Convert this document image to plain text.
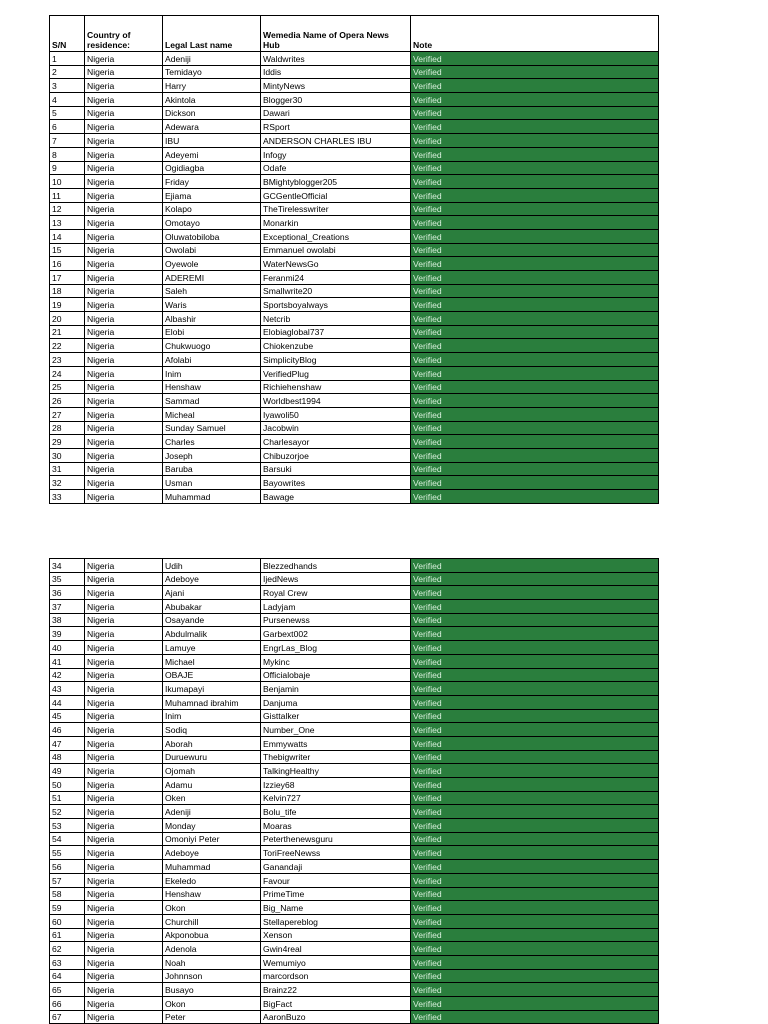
S/N	Country of residence:	Legal Last name	Wemedia Name of Opera News Hub	Note
1	Nigeria	Adeniji	Waldwrites	Verified
2	Nigeria	Temidayo	Iddis	Verified
3	Nigeria	Harry	MintyNews	Verified
4	Nigeria	Akintola	Blogger30	Verified
5	Nigeria	Dickson	Dawari	Verified
6	Nigeria	Adewara	RSport	Verified
7	Nigeria	IBU	ANDERSON CHARLES IBU	Verified
8	Nigeria	Adeyemi	Infogy	Verified
9	Nigeria	Ogidiagba	Odafe	Verified
10	Nigeria	Friday	BMightyblogger205	Verified
11	Nigeria	Ejiama	GCGentleOfficial	Verified
12	Nigeria	Kolapo	TheTirelesswriter	Verified
13	Nigeria	Omotayo	Monarkin	Verified
14	Nigeria	Oluwatobiloba	Exceptional_Creations	Verified
15	Nigeria	Owolabi	Emmanuel owolabi	Verified
16	Nigeria	Oyewole	WaterNewsGo	Verified
17	Nigeria	ADEREMI	Feranmi24	Verified
18	Nigeria	Saleh	Smallwrite20	Verified
19	Nigeria	Waris	Sportsboyalways	Verified
20	Nigeria	Albashir	Netcrib	Verified
21	Nigeria	Elobi	Elobiaglobal737	Verified
22	Nigeria	Chukwuogo	Chiokenzube	Verified
23	Nigeria	Afolabi	SimplicityBlog	Verified
24	Nigeria	Inim	VerifiedPlug	Verified
25	Nigeria	Henshaw	Richiehenshaw	Verified
26	Nigeria	Sammad	Worldbest1994	Verified
27	Nigeria	Micheal	Iyawoli50	Verified
28	Nigeria	Sunday Samuel	Jacobwin	Verified
29	Nigeria	Charles	Charlesayor	Verified
30	Nigeria	Joseph	Chibuzorjoe	Verified
31	Nigeria	Baruba	Barsuki	Verified
32	Nigeria	Usman	Bayowrites	Verified
33	Nigeria	Muhammad	Bawage	Verified
34	Nigeria	Udih	Blezzedhands	Verified
35	Nigeria	Adeboye	IjedNews	Verified
36	Nigeria	Ajani	Royal Crew	Verified
37	Nigeria	Abubakar	Ladyjam	Verified
38	Nigeria	Osayande	Pursenewss	Verified
39	Nigeria	Abdulmalik	Garbext002	Verified
40	Nigeria	Lamuye	EngrLas_Blog	Verified
41	Nigeria	Michael	Mykinc	Verified
42	Nigeria	OBAJE	Officialobaje	Verified
43	Nigeria	Ikumapayi	Benjamin	Verified
44	Nigeria	Muhamnad ibrahim	Danjuma	Verified
45	Nigeria	Inim	Gisttalker	Verified
46	Nigeria	Sodiq	Number_One	Verified
47	Nigeria	Aborah	Emmywatts	Verified
48	Nigeria	Duruewuru	Thebigwriter	Verified
49	Nigeria	Ojomah	TalkingHealthy	Verified
50	Nigeria	Adamu	Izziey68	Verified
51	Nigeria	Oken	Kelvin727	Verified
52	Nigeria	Adeniji	Bolu_tife	Verified
53	Nigeria	Monday	Moaras	Verified
54	Nigeria	Omoniyi Peter	Peterthenewsguru	Verified
55	Nigeria	Adeboye	ToriFreeNewss	Verified
56	Nigeria	Muhammad	Ganandaji	Verified
57	Nigeria	Ekeledo	Favour	Verified
58	Nigeria	Henshaw	PrimeTime	Verified
59	Nigeria	Okon	Big_Name	Verified
60	Nigeria	Churchill	Stellapereblog	Verified
61	Nigeria	Akponobua	Xenson	Verified
62	Nigeria	Adenola	Gwin4real	Verified
63	Nigeria	Noah	Wemumiyo	Verified
64	Nigeria	Johnnson	marcordson	Verified
65	Nigeria	Busayo	Brainz22	Verified
66	Nigeria	Okon	BigFact	Verified
67	Nigeria	Peter	AaronBuzo	Verified
